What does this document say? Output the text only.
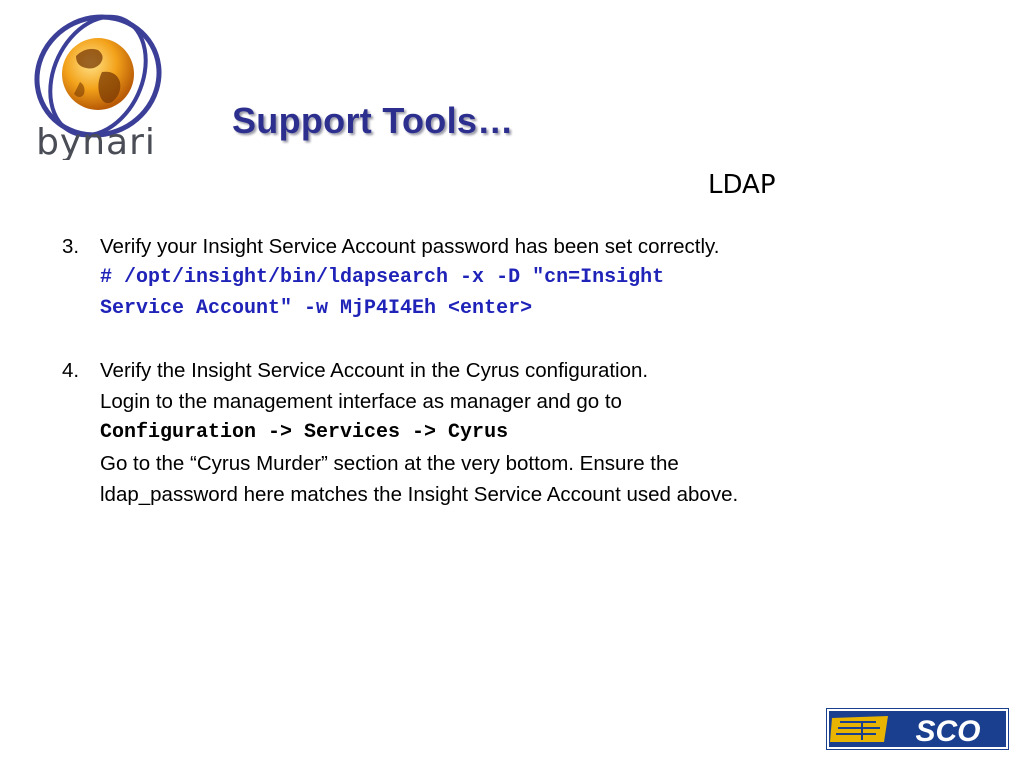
bynari
Support Tools…
LDAP
3.	Verify your Insight Service Account password has been set correctly.
# /opt/insight/bin/ldapsearch -x -D "cn=Insight
Service Account" -w MjP4I4Eh <enter>
4.	Verify the Insight Service Account in the Cyrus configuration.
Login to the management interface as manager and go to
Configuration -> Services -> Cyrus
Go to the “Cyrus Murder” section at the very bottom. Ensure the
ldap_password here matches the Insight Service Account used above.
SCO
